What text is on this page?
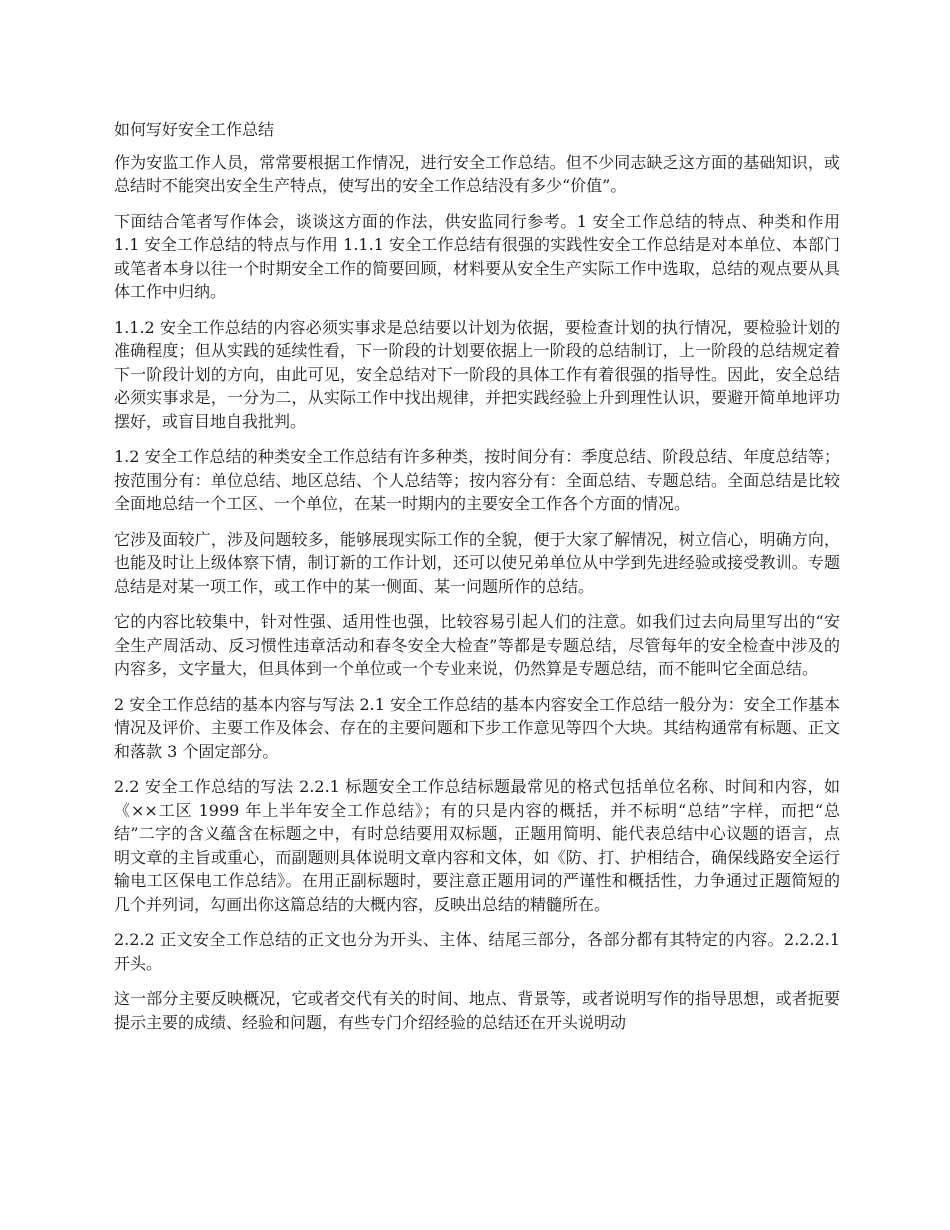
如何写好安全工作总结

作为安监工作人员，常常要根据工作情况，进行安全工作总结。但不少同志缺乏这方面的基础知识，或总结时不能突出安全生产特点，使写出的安全工作总结没有多少“价值”。

下面结合笔者写作体会，谈谈这方面的作法，供安监同行参考。1 安全工作总结的特点、种类和作用 1.1 安全工作总结的特点与作用 1.1.1 安全工作总结有很强的实践性安全工作总结是对本单位、本部门或笔者本身以往一个时期安全工作的简要回顾，材料要从安全生产实际工作中选取，总结的观点要从具体工作中归纳。

1.1.2 安全工作总结的内容必须实事求是总结要以计划为依据，要检查计划的执行情况，要检验计划的准确程度；但从实践的延续性看，下一阶段的计划要依据上一阶段的总结制订，上一阶段的总结规定着下一阶段计划的方向，由此可见，安全总结对下一阶段的具体工作有着很强的指导性。因此，安全总结必须实事求是，一分为二，从实际工作中找出规律，并把实践经验上升到理性认识，要避开简单地评功摆好，或盲目地自我批判。

1.2 安全工作总结的种类安全工作总结有许多种类，按时间分有：季度总结、阶段总结、年度总结等；按范围分有：单位总结、地区总结、个人总结等；按内容分有：全面总结、专题总结。全面总结是比较全面地总结一个工区、一个单位，在某一时期内的主要安全工作各个方面的情况。

它涉及面较广，涉及问题较多，能够展现实际工作的全貌，便于大家了解情况，树立信心，明确方向，也能及时让上级体察下情，制订新的工作计划，还可以使兄弟单位从中学到先进经验或接受教训。专题总结是对某一项工作，或工作中的某一侧面、某一问题所作的总结。

它的内容比较集中，针对性强、适用性也强，比较容易引起人们的注意。如我们过去向局里写出的“安全生产周活动、反习惯性违章活动和春冬安全大检查”等都是专题总结，尽管每年的安全检查中涉及的内容多，文字量大，但具体到一个单位或一个专业来说，仍然算是专题总结，而不能叫它全面总结。

2 安全工作总结的基本内容与写法 2.1 安全工作总结的基本内容安全工作总结一般分为：安全工作基本情况及评价、主要工作及体会、存在的主要问题和下步工作意见等四个大块。其结构通常有标题、正文和落款 3 个固定部分。

2.2 安全工作总结的写法 2.2.1 标题安全工作总结标题最常见的格式包括单位名称、时间和内容，如《××工区 1999 年上半年安全工作总结》；有的只是内容的概括，并不标明“总结”字样，而把“总结”二字的含义蕴含在标题之中，有时总结要用双标题，正题用简明、能代表总结中心议题的语言，点明文章的主旨或重心，而副题则具体说明文章内容和文体，如《防、打、护相结合，确保线路安全运行输电工区保电工作总结》。在用正副标题时，要注意正题用词的严谨性和概括性，力争通过正题简短的几个并列词，勾画出你这篇总结的大概内容，反映出总结的精髓所在。

2.2.2 正文安全工作总结的正文也分为开头、主体、结尾三部分，各部分都有其特定的内容。2.2.2.1 开头。

这一部分主要反映概况，它或者交代有关的时间、地点、背景等，或者说明写作的指导思想，或者扼要提示主要的成绩、经验和问题，有些专门介绍经验的总结还在开头说明动
